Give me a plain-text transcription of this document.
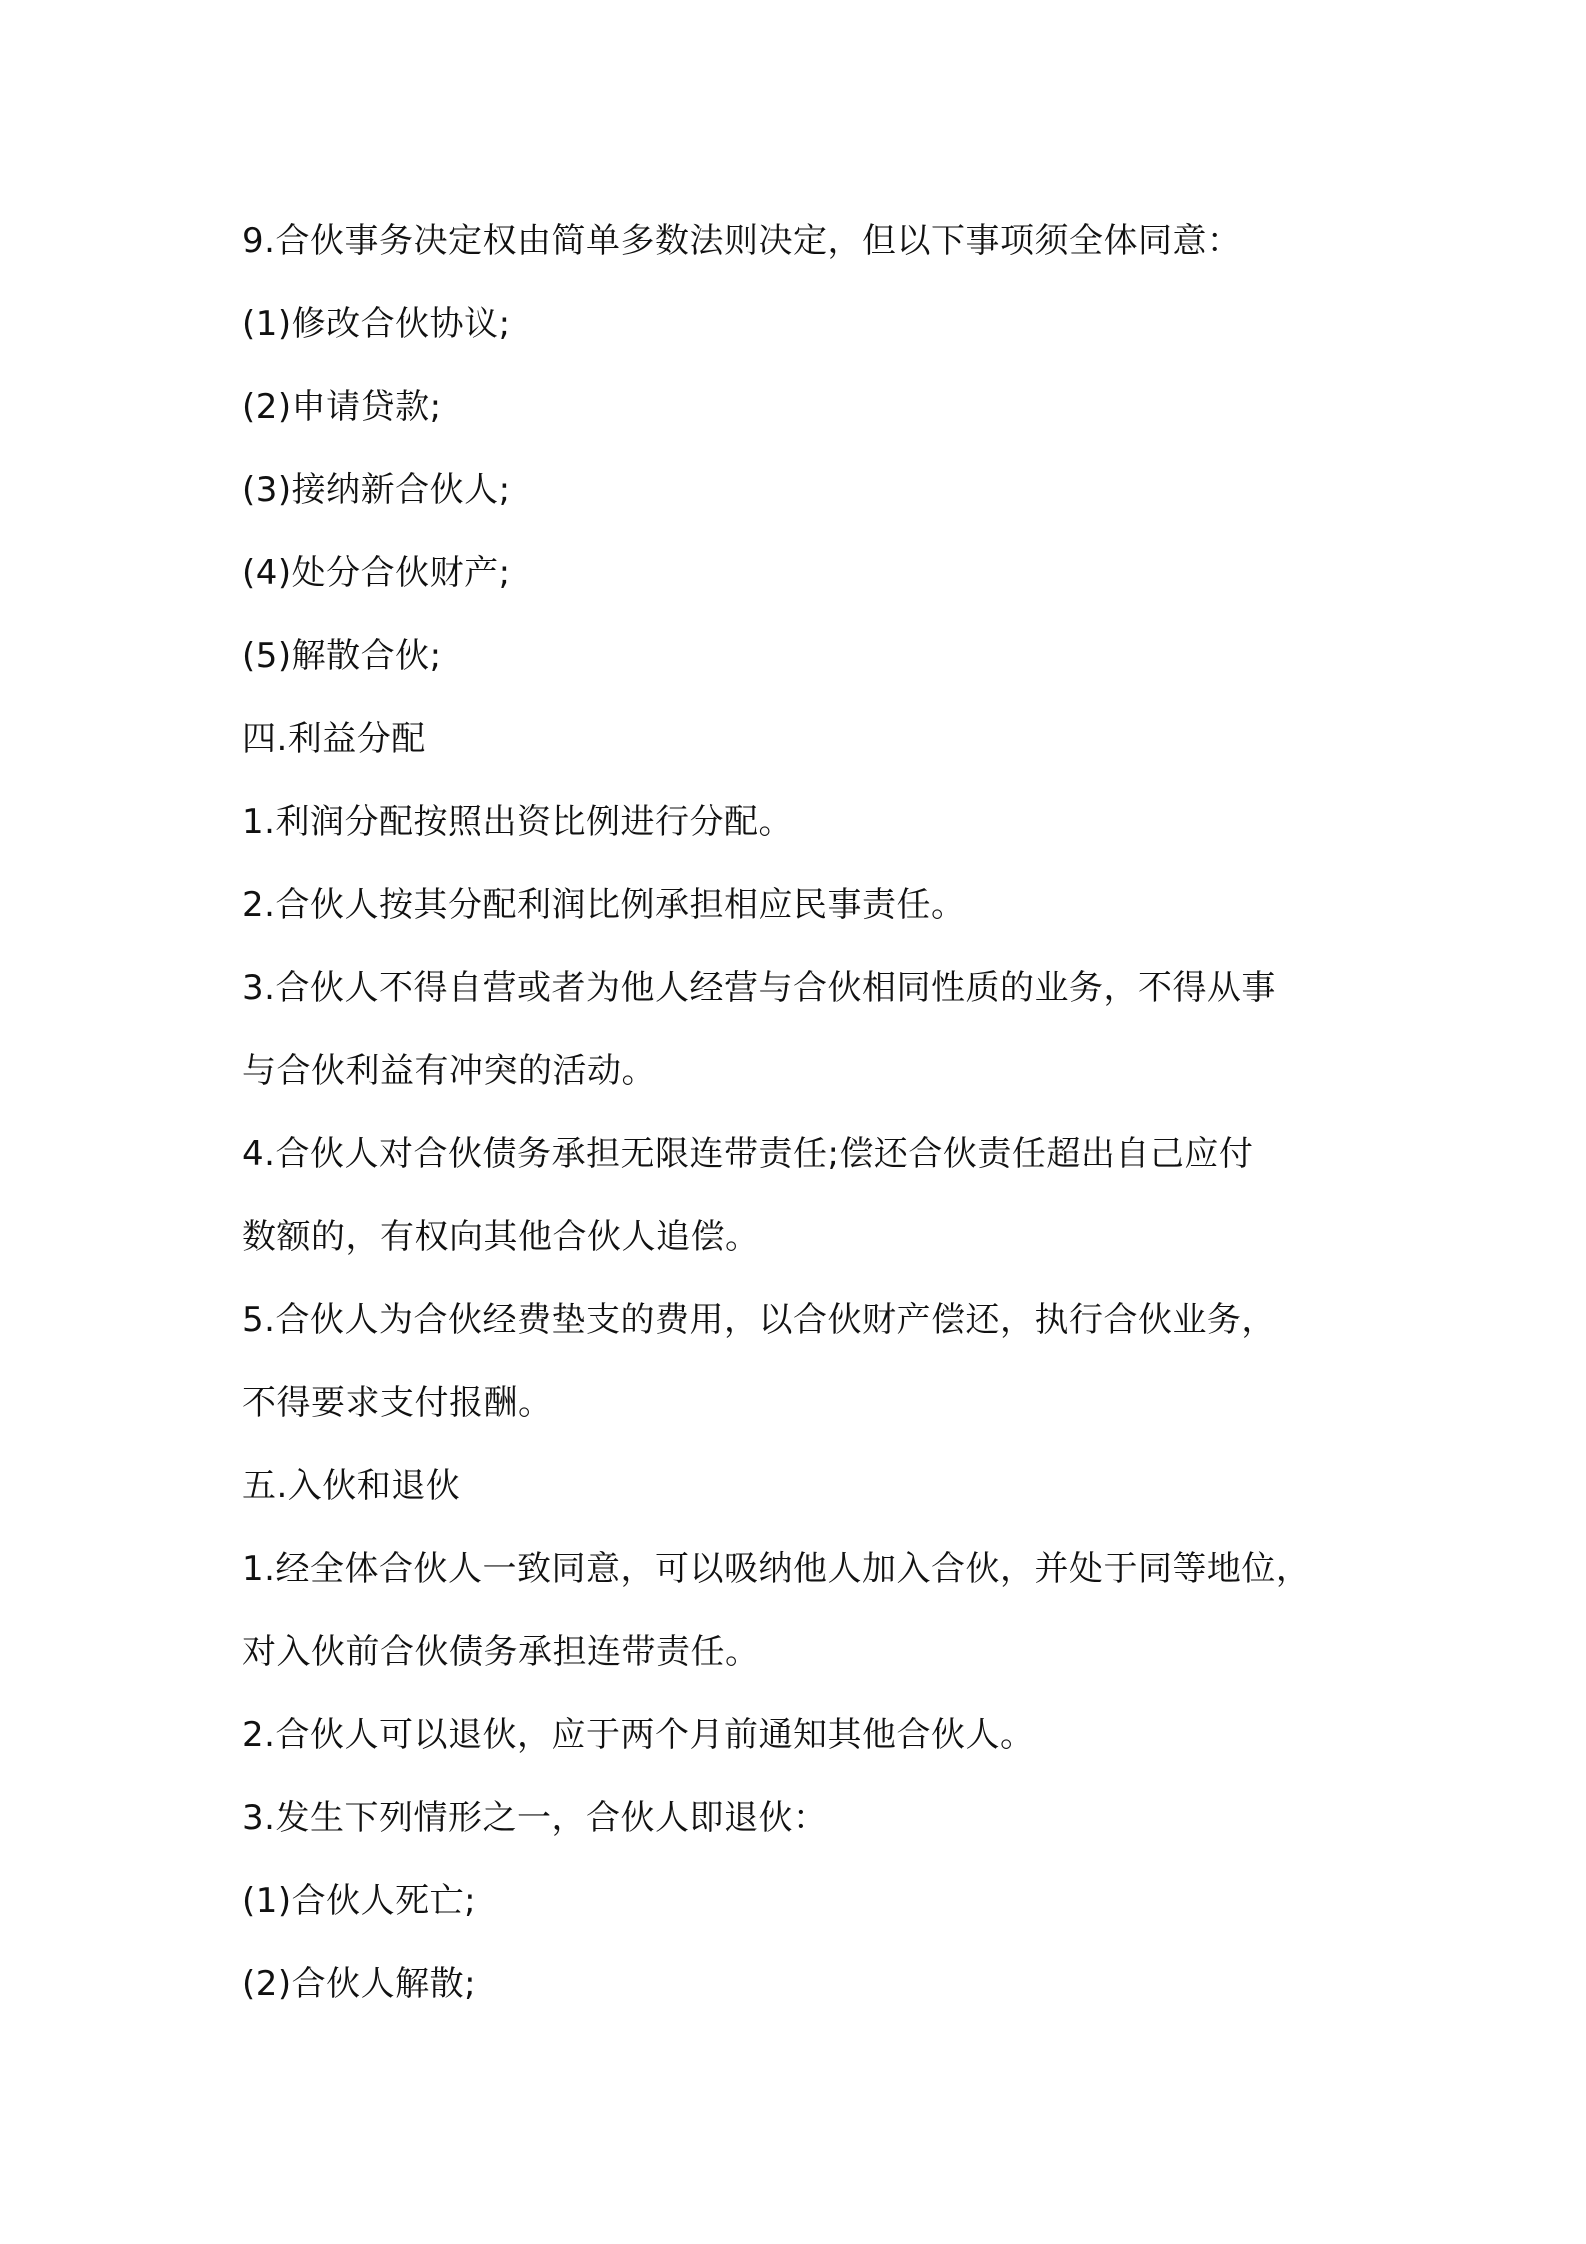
9.合伙事务决定权由简单多数法则决定，但以下事项须全体同意：

(1)修改合伙协议;

(2)申请贷款;

(3)接纳新合伙人;

(4)处分合伙财产;

(5)解散合伙;

四.利益分配

1.利润分配按照出资比例进行分配。

2.合伙人按其分配利润比例承担相应民事责任。

3.合伙人不得自营或者为他人经营与合伙相同性质的业务，不得从事

与合伙利益有冲突的活动。

4.合伙人对合伙债务承担无限连带责任;偿还合伙责任超出自己应付

数额的，有权向其他合伙人追偿。

5.合伙人为合伙经费垫支的费用，以合伙财产偿还，执行合伙业务，

不得要求支付报酬。

五.入伙和退伙

1.经全体合伙人一致同意，可以吸纳他人加入合伙，并处于同等地位，

对入伙前合伙债务承担连带责任。

2.合伙人可以退伙，应于两个月前通知其他合伙人。

3.发生下列情形之一，合伙人即退伙：

(1)合伙人死亡;

(2)合伙人解散;
